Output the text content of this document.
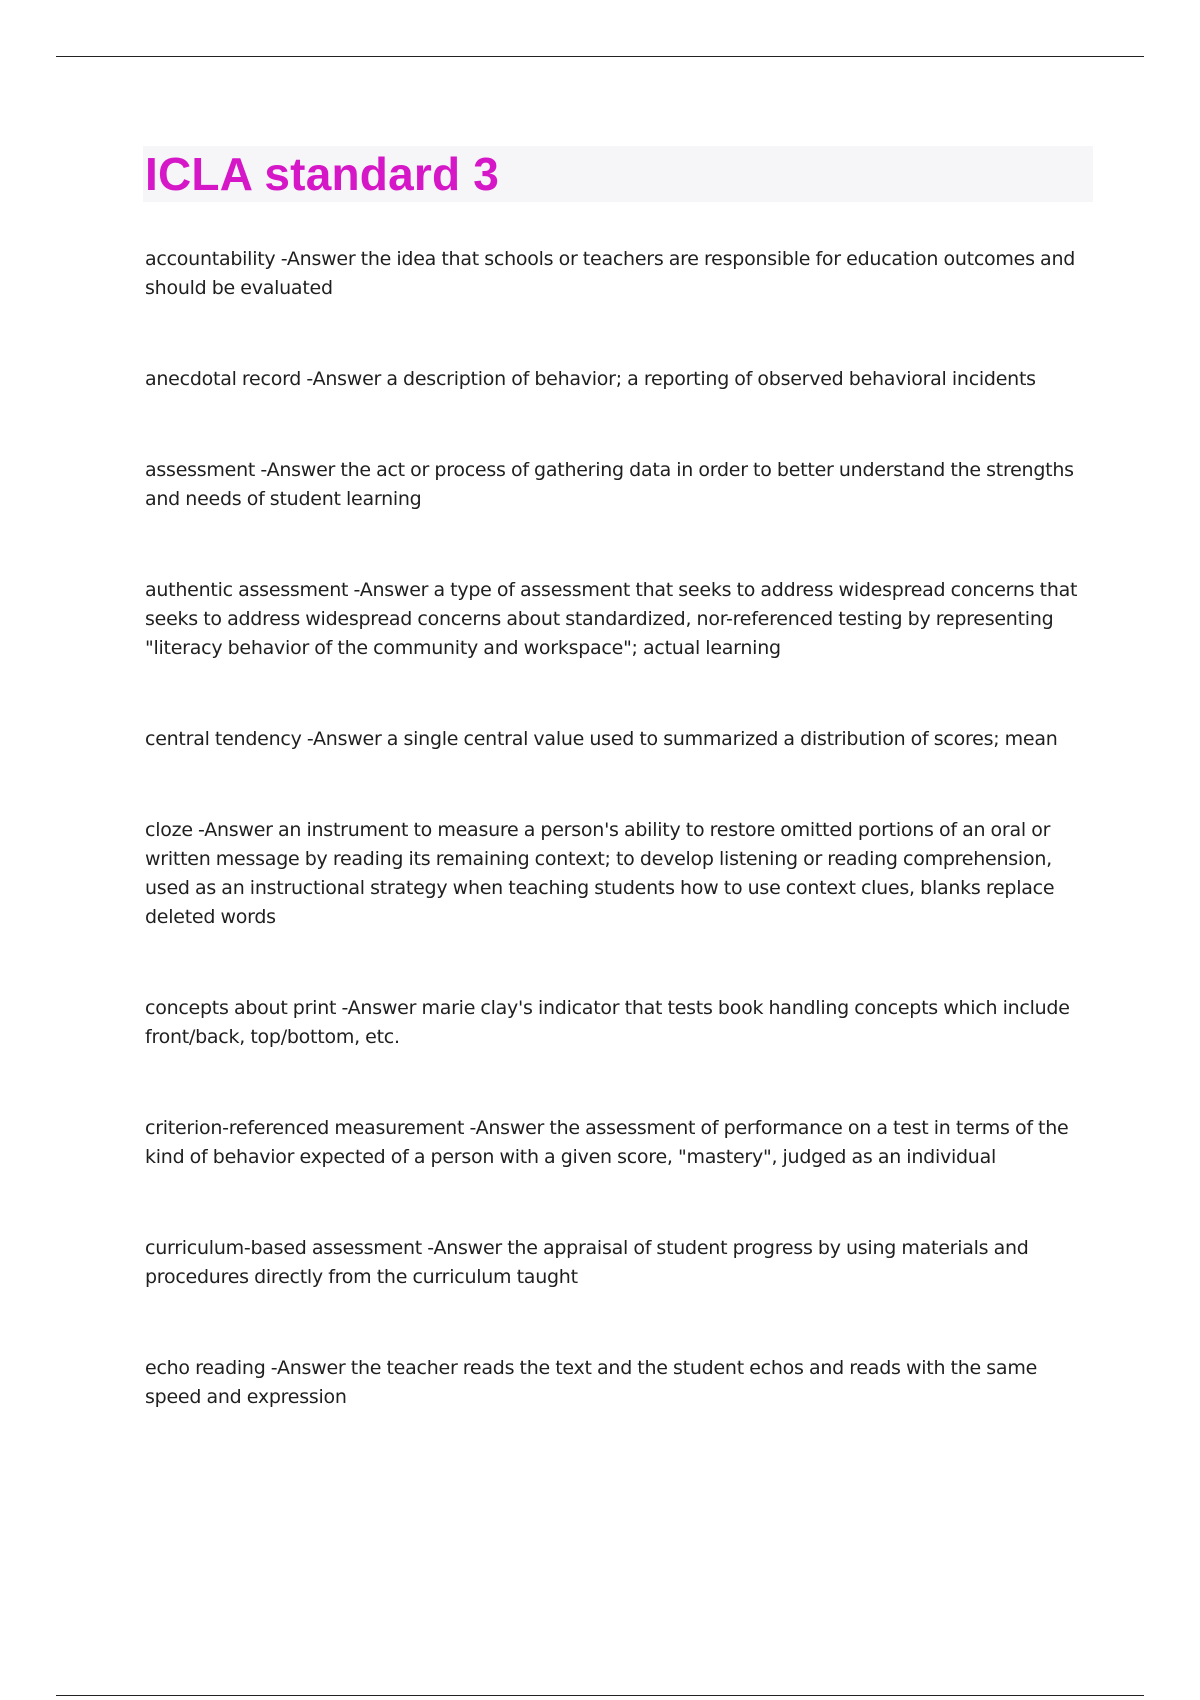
ICLA standard 3
accountability -Answer the idea that schools or teachers are responsible for education outcomes and should be evaluated
anecdotal record -Answer a description of behavior; a reporting of observed behavioral incidents
assessment -Answer the act or process of gathering data in order to better understand the strengths and needs of student learning
authentic assessment -Answer a type of assessment that seeks to address widespread concerns that seeks to address widespread concerns about standardized, nor-referenced testing by representing "literacy behavior of the community and workspace"; actual learning
central tendency -Answer a single central value used to summarized a distribution of scores; mean
cloze -Answer an instrument to measure a person's ability to restore omitted portions of an oral or written message by reading its remaining context; to develop listening or reading comprehension, used as an instructional strategy when teaching students how to use context clues, blanks replace deleted words
concepts about print -Answer marie clay's indicator that tests book handling concepts which include front/back, top/bottom, etc.
criterion-referenced measurement -Answer the assessment of performance on a test in terms of the kind of behavior expected of a person with a given score, "mastery", judged as an individual
curriculum-based assessment -Answer the appraisal of student progress by using materials and procedures directly from the curriculum taught
echo reading -Answer the teacher reads the text and the student echos and reads with the same speed and expression
